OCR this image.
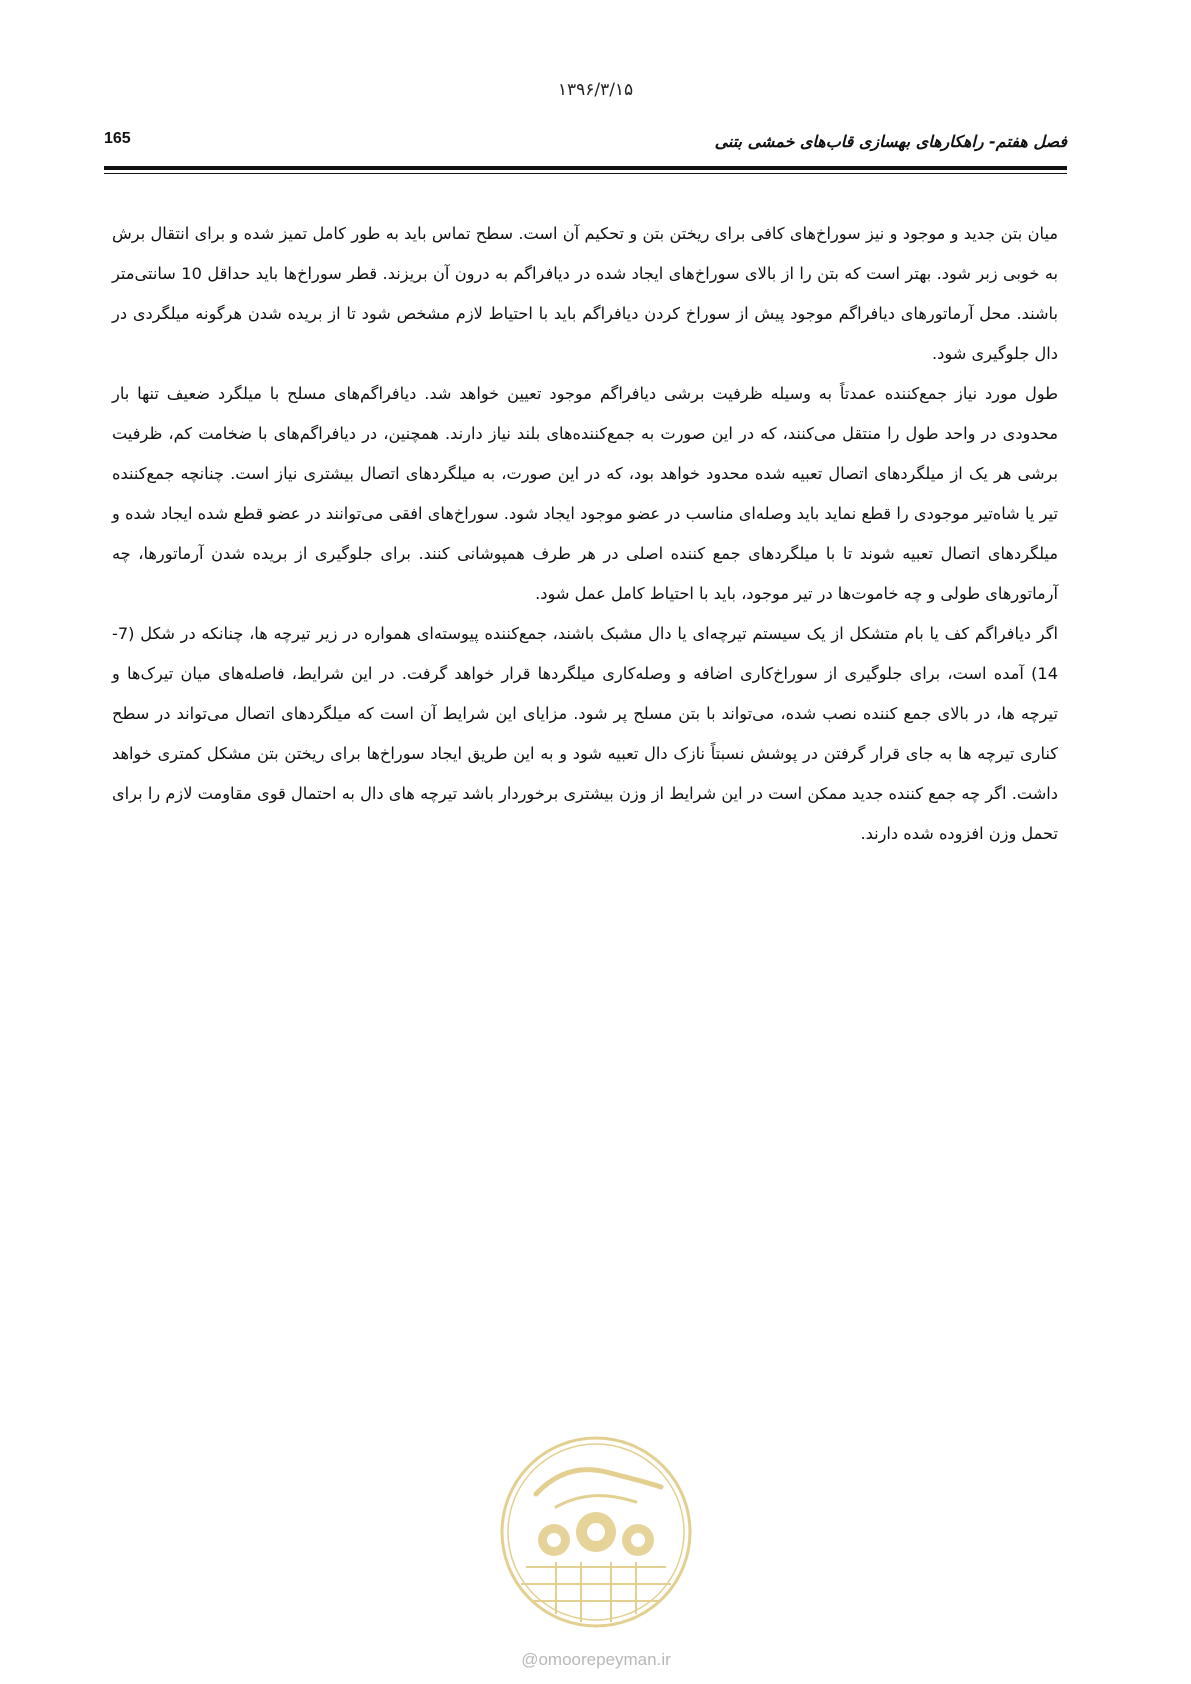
۱۳۹۶/۳/۱۵
فصل هفتم- راهکارهای بهسازی قاب‌های خمشی بتنی
165

میان بتن جدید و موجود و نیز سوراخ‌های کافی برای ریختن بتن و تحکیم آن است. سطح تماس باید به طور کامل تمیز شده و برای انتقال برش به خوبی زبر شود. بهتر است که بتن را از بالای سوراخ‌های ایجاد شده در دیافراگم به درون آن بریزند. قطر سوراخ‌ها باید حداقل 10 سانتی‌متر باشند. محل آرماتورهای دیافراگم موجود پیش از سوراخ کردن دیافراگم باید با احتیاط لازم مشخص شود تا از بریده شدن هرگونه میلگردی در دال جلوگیری شود.

طول مورد نیاز جمع‌کننده عمدتاً به وسیله ظرفیت برشی دیافراگم موجود تعیین خواهد شد. دیافراگم‌های مسلح با میلگرد ضعیف تنها بار محدودی در واحد طول را منتقل می‌کنند، که در این صورت به جمع‌کننده‌های بلند نیاز دارند. همچنین، در دیافراگم‌های با ضخامت کم، ظرفیت برشی هر یک از میلگردهای اتصال تعبیه شده محدود خواهد بود، که در این صورت، به میلگردهای اتصال بیشتری نیاز است. چنانچه جمع‌کننده تیر یا شاه‌تیر موجودی را قطع نماید باید وصله‌ای مناسب در عضو موجود ایجاد شود. سوراخ‌های افقی می‌توانند در عضو قطع شده ایجاد شده و میلگردهای اتصال تعبیه شوند تا با میلگردهای جمع کننده اصلی در هر طرف همپوشانی کنند. برای جلوگیری از بریده شدن آرماتورها، چه آرماتورهای طولی و چه خاموت‌ها در تیر موجود، باید با احتیاط کامل عمل شود.

اگر دیافراگم کف یا بام متشکل از یک سیستم تیرچه‌ای یا دال مشبک باشند، جمع‌کننده پیوسته‌ای همواره در زیر تیرچه ها، چنانکه در شکل (7-14) آمده است، برای جلوگیری از سوراخ‌کاری اضافه و وصله‌کاری میلگردها قرار خواهد گرفت. در این شرایط، فاصله‌های میان تیرک‌ها و تیرچه ها، در بالای جمع کننده نصب شده، می‌تواند با بتن مسلح پر شود. مزایای این شرایط آن است که میلگردهای اتصال می‌تواند در سطح کناری تیرچه ها به جای قرار گرفتن در پوشش نسبتاً نازک دال تعبیه شود و به این طریق ایجاد سوراخ‌ها برای ریختن بتن مشکل کمتری خواهد داشت. اگر چه جمع کننده جدید ممکن است در این شرایط از وزن بیشتری برخوردار باشد تیرچه های دال به احتمال قوی مقاومت لازم را برای تحمل وزن افزوده شده دارند.

@omoorepeyman.ir
